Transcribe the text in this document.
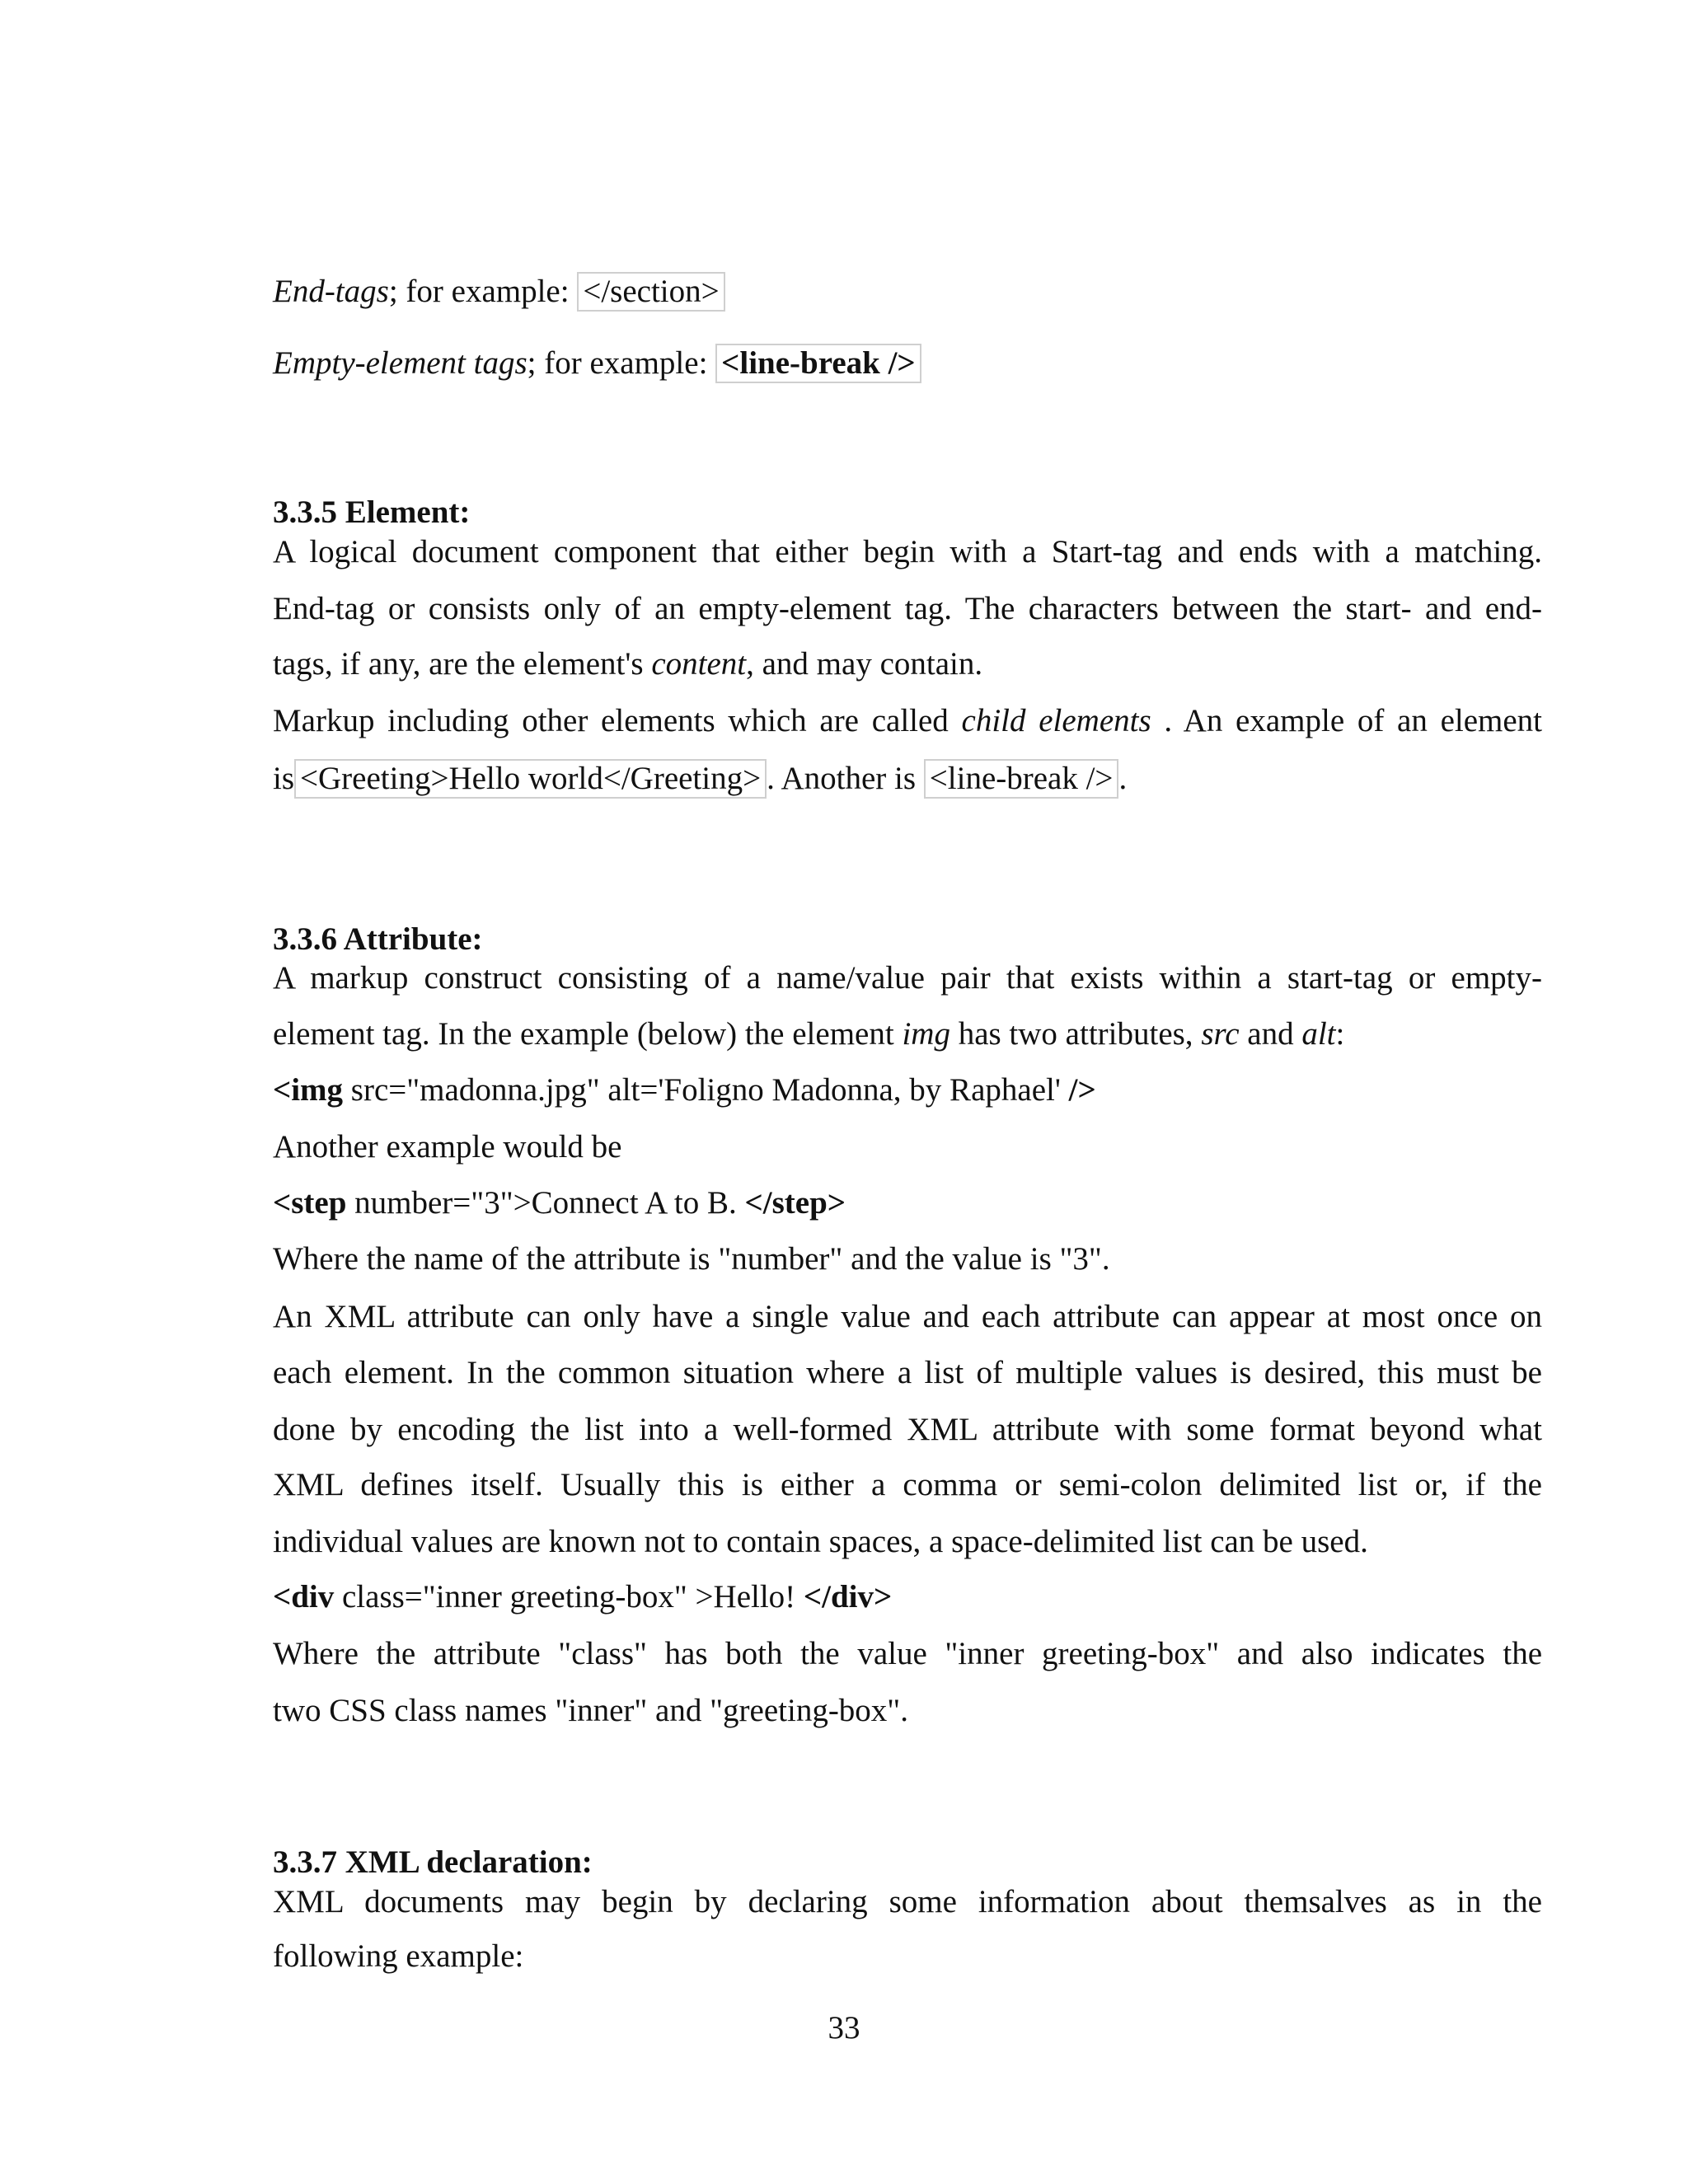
End-tags; for example: </section>
Empty-element tags; for example: <line-break />
3.3.5 Element:
A logical document component that either begin with a Start-tag and ends with a matching.
End-tag or consists only of an empty-element tag. The characters between the start- and end-
tags, if any, are the element's content, and may contain.
Markup including other elements which are called child elements . An example of an element
is <Greeting>Hello world</Greeting> . Another is <line-break /> .
3.3.6 Attribute:
A markup construct consisting of a name/value pair that exists within a start-tag or empty-
element tag. In the example (below) the element img has two attributes, src and alt:
<img src="madonna.jpg" alt='Foligno Madonna, by Raphael' />
Another example would be
<step number="3">Connect A to B. </step>
Where the name of the attribute is "number" and the value is "3".
An XML attribute can only have a single value and each attribute can appear at most once on
each element. In the common situation where a list of multiple values is desired, this must be
done by encoding the list into a well-formed XML attribute with some format beyond what
XML defines itself. Usually this is either a comma or semi-colon delimited list or, if the
individual values are known not to contain spaces, a space-delimited list can be used.
<div class="inner greeting-box" >Hello! </div>
Where the attribute "class" has both the value "inner greeting-box" and also indicates the
two CSS class names "inner" and "greeting-box".
3.3.7 XML declaration:
XML documents may begin by declaring some information about themsalves as in the
following example:
33
